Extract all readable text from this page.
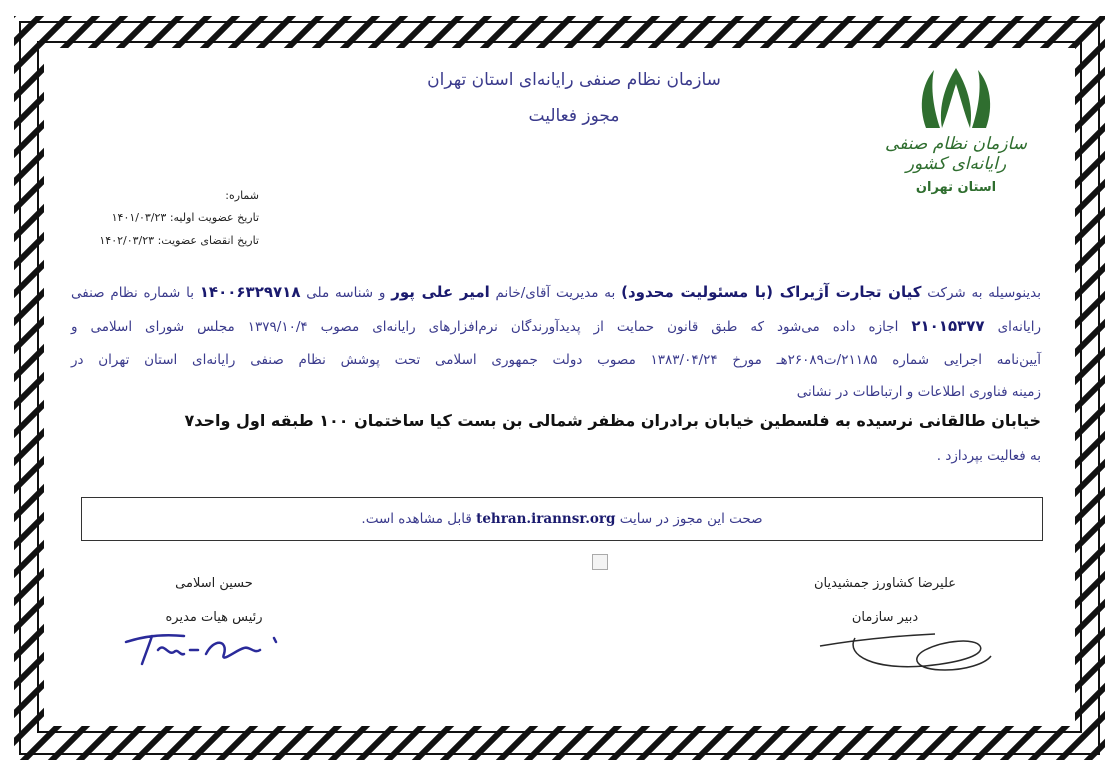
سازمان نظام صنفی رایانه‌ای استان تهران
مجوز فعالیت
سازمان نظام صنفی رایانه‌ای کشور
استان تهران
شماره:
تاریخ عضویت اولیه: ۱۴۰۱/۰۳/۲۳
تاریخ انقضای عضویت: ۱۴۰۲/۰۳/۲۳
بدینوسیله به شرکت کیان تجارت آژیراک (با مسئولیت محدود) به مدیریت آقای/خانم امیر علی پور و شناسه ملی ۱۴۰۰۶۳۲۹۷۱۸ با شماره نظام صنفی
رایانه‌ای ۲۱۰۱۵۳۷۷ اجازه داده می‌شود که طبق قانون حمایت از پدیدآورندگان نرم‌افزارهای رایانه‌ای مصوب ۱۳۷۹/۱۰/۴ مجلس شورای اسلامی و
آیین‌نامه اجرایی شماره ۲۱۱۸۵/ت۲۶۰۸۹هـ مورخ ۱۳۸۳/۰۴/۲۴ مصوب دولت جمهوری اسلامی تحت پوشش نظام صنفی رایانه‌ای استان تهران در
زمینه فناوری اطلاعات و ارتباطات در نشانی
خیابان طالقانی نرسیده به فلسطین خیابان برادران مظفر شمالی بن بست کیا ساختمان ۱۰۰ طبقه اول واحد۷
به فعالیت بپردازد .
صحت این مجوز در سایت tehran.irannsr.org قابل مشاهده است.
علیرضا کشاورز جمشیدیان
دبیر سازمان
حسین اسلامی
رئیس هیات مدیره
